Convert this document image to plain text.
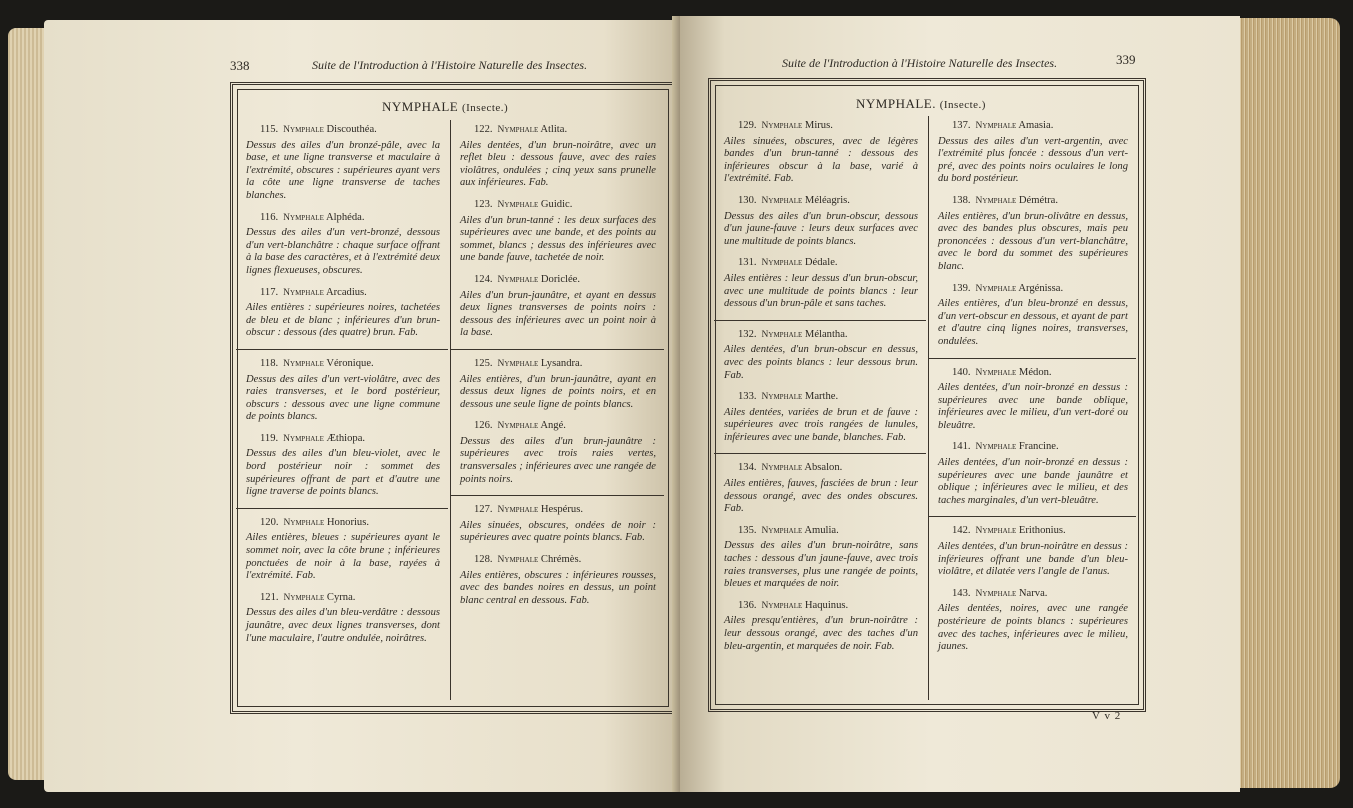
338	Suite de l'Introduction à l'Histoire Naturelle des Insectes.
NYMPHALE (Insecte.)
115. Nymphale Discouthéa.
Dessus des ailes d'un bronzé-pâle, avec la base, et une ligne transverse et maculaire à l'extrémité, obscures : supérieures ayant vers la côte une ligne transverse de taches blanches.
116. Nymphale Alphéda.
Dessus des ailes d'un vert-bronzé, dessous d'un vert-blanchâtre : chaque surface offrant à la base des caractères, et à l'extrémité deux lignes flexueuses, obscures.
117. Nymphale Arcadius.
Ailes entières : supérieures noires, tachetées de bleu et de blanc ; inférieures d'un brun-obscur : dessous (des quatre) brun. Fab.
118. Nymphale Véronique.
Dessus des ailes d'un vert-violâtre, avec des raies transverses, et le bord postérieur, obscurs : dessous avec une ligne commune de points blancs.
119. Nymphale Æthiopa.
Dessus des ailes d'un bleu-violet, avec le bord postérieur noir : sommet des supérieures offrant de part et d'autre une ligne traverse de points blancs.
120. Nymphale Honorius.
Ailes entières, bleues : supérieures ayant le sommet noir, avec la côte brune ; inférieures ponctuées de noir à la base, rayées à l'extrémité. Fab.
121. Nymphale Cyrna.
Dessus des ailes d'un bleu-verdâtre : dessous jaunâtre, avec deux lignes transverses, dont l'une maculaire, l'autre ondulée, noirâtres.
122. Nymphale Atlita.
Ailes dentées, d'un brun-noirâtre, avec un reflet bleu : dessous fauve, avec des raies violâtres, ondulées ; cinq yeux sans prunelle aux inférieures. Fab.
123. Nymphale Guidic.
Ailes d'un brun-tanné : les deux surfaces des supérieures avec une bande, et des points au sommet, blancs ; dessus des inférieures avec une bande fauve, tachetée de noir.
124. Nymphale Doriclée.
Ailes d'un brun-jaunâtre, et ayant en dessus deux lignes transverses de points noirs : dessous des inférieures avec un point noir à la base.
125. Nymphale Lysandra.
Ailes entières, d'un brun-jaunâtre, ayant en dessus deux lignes de points noirs, et en dessous une seule ligne de points blancs.
126. Nymphale Angé.
Dessus des ailes d'un brun-jaunâtre : supérieures avec trois raies vertes, transversales ; inférieures avec une rangée de points noirs.
127. Nymphale Hespérus.
Ailes sinuées, obscures, ondées de noir : supérieures avec quatre points blancs. Fab.
128. Nymphale Chrémès.
Ailes entières, obscures : inférieures rousses, avec des bandes noires en dessus, un point blanc central en dessous. Fab.
Suite de l'Introduction à l'Histoire Naturelle des Insectes.	339
NYMPHALE. (Insecte.)
129. Nymphale Mirus.
Ailes sinuées, obscures, avec de légères bandes d'un brun-tanné : dessous des inférieures obscur à la base, varié à l'extrémité. Fab.
130. Nymphale Méléagris.
Dessus des ailes d'un brun-obscur, dessous d'un jaune-fauve : leurs deux surfaces avec une multitude de points blancs.
131. Nymphale Dédale.
Ailes entières : leur dessus d'un brun-obscur, avec une multitude de points blancs : leur dessous d'un brun-pâle et sans taches.
132. Nymphale Mélantha.
Ailes dentées, d'un brun-obscur en dessus, avec des points blancs : leur dessous brun. Fab.
133. Nymphale Marthe.
Ailes dentées, variées de brun et de fauve : supérieures avec trois rangées de lunules, inférieures avec une bande, blanches. Fab.
134. Nymphale Absalon.
Ailes entières, fauves, fasciées de brun : leur dessous orangé, avec des ondes obscures. Fab.
135. Nymphale Amulia.
Dessus des ailes d'un brun-noirâtre, sans taches : dessous d'un jaune-fauve, avec trois raies transverses, plus une rangée de points, bleues et marquées de noir.
136. Nymphale Haquinus.
Ailes presqu'entières, d'un brun-noirâtre : leur dessous orangé, avec des taches d'un bleu-argentin, et marquées de noir. Fab.
137. Nymphale Amasia.
Dessus des ailes d'un vert-argentin, avec l'extrémité plus foncée : dessous d'un vert-pré, avec des points noirs oculaires le long du bord postérieur.
138. Nymphale Démétra.
Ailes entières, d'un brun-olivâtre en dessus, avec des bandes plus obscures, mais peu prononcées : dessous d'un vert-blanchâtre, avec le bord du sommet des supérieures blanc.
139. Nymphale Argénissa.
Ailes entières, d'un bleu-bronzé en dessus, d'un vert-obscur en dessous, et ayant de part et d'autre cinq lignes noires, transverses, ondulées.
140. Nymphale Médon.
Ailes dentées, d'un noir-bronzé en dessus : supérieures avec une bande oblique, inférieures avec le milieu, d'un vert-doré ou bleuâtre.
141. Nymphale Francine.
Ailes dentées, d'un noir-bronzé en dessus : supérieures avec une bande jaunâtre et oblique ; inférieures avec le milieu, et des taches marginales, d'un vert-bleuâtre.
142. Nymphale Erithonius.
Ailes dentées, d'un brun-noirâtre en dessus : inférieures offrant une bande d'un bleu-violâtre, et dilatée vers l'angle de l'anus.
143. Nymphale Narva.
Ailes dentées, noires, avec une rangée postérieure de points blancs : supérieures avec des taches, inférieures avec le milieu, jaunes.
V v 2
